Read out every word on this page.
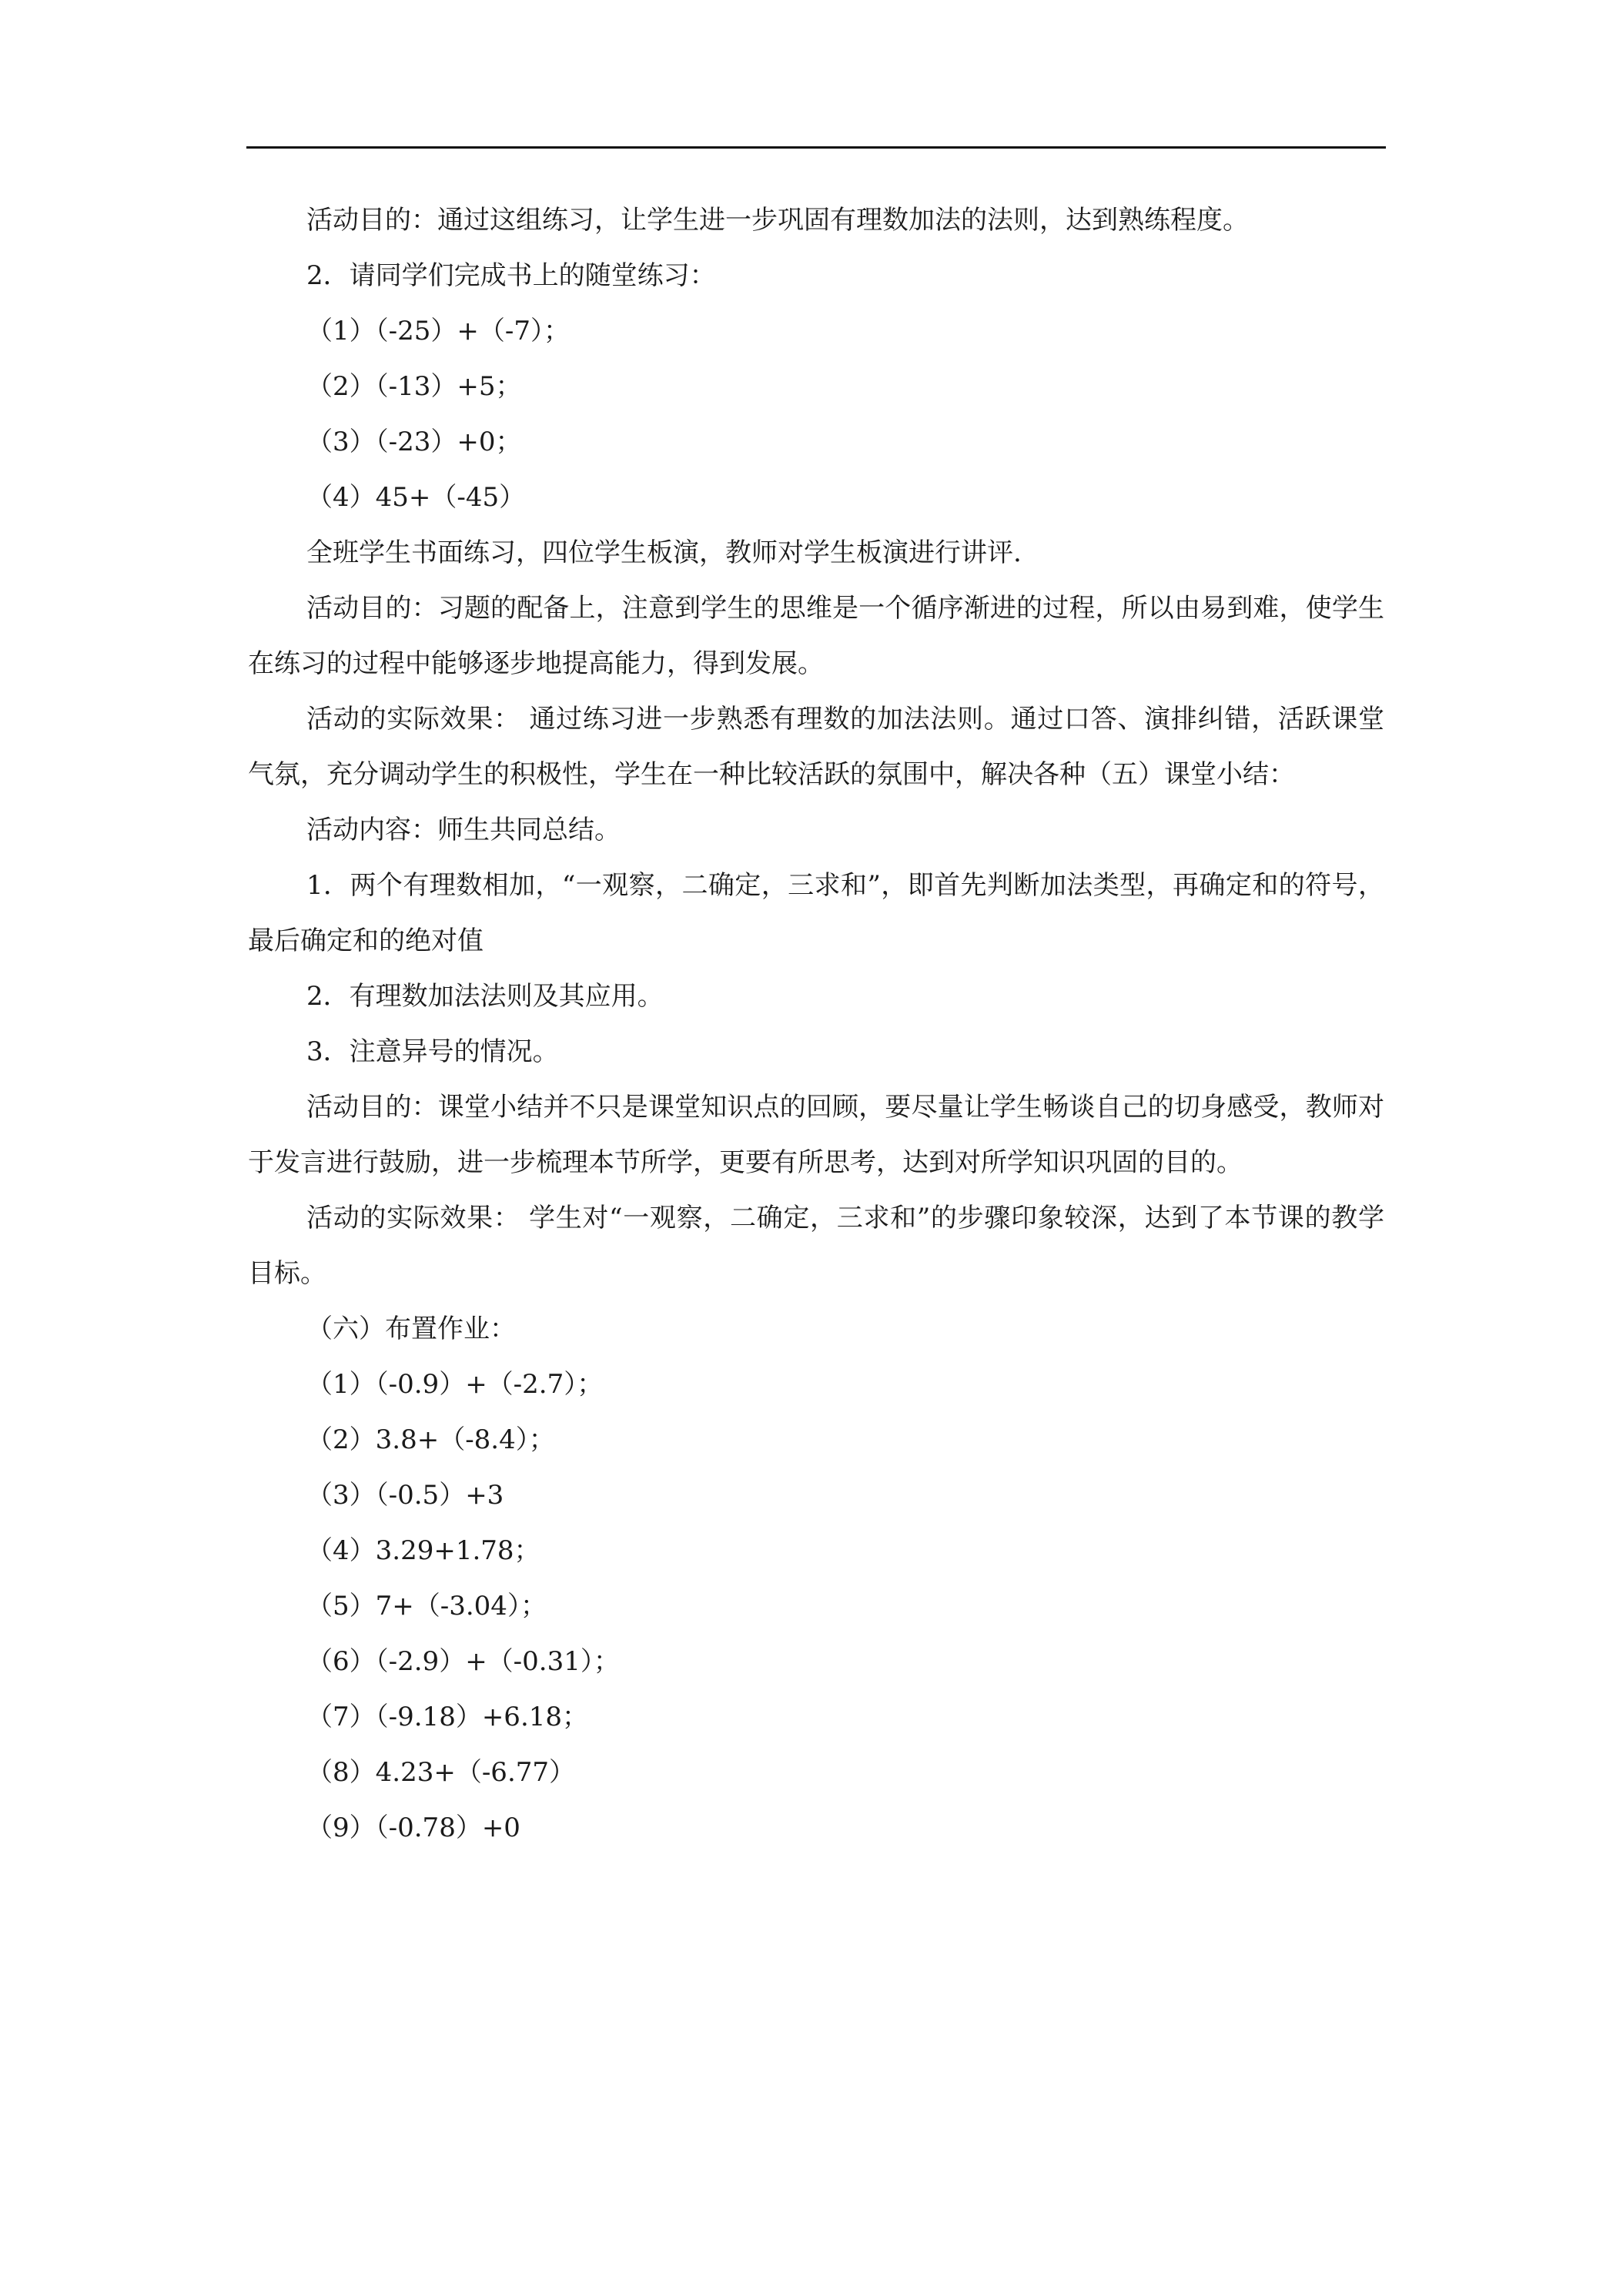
活动目的：通过这组练习，让学生进一步巩固有理数加法的法则，达到熟练程度。

2．请同学们完成书上的随堂练习：

（1）（-25）+（-7）；

（2）（-13）+5；

（3）（-23）+0；

（4）45+（-45）

全班学生书面练习，四位学生板演，教师对学生板演进行讲评.

活动目的：习题的配备上，注意到学生的思维是一个循序渐进的过程，所以由易到难，使学生在练习的过程中能够逐步地提高能力，得到发展。

活动的实际效果： 通过练习进一步熟悉有理数的加法法则。通过口答、演排纠错，活跃课堂气氛，充分调动学生的积极性，学生在一种比较活跃的氛围中，解决各种（五）课堂小结：

活动内容：师生共同总结。

1．两个有理数相加，“一观察，二确定，三求和”，即首先判断加法类型，再确定和的符号，最后确定和的绝对值

2．有理数加法法则及其应用。

3．注意异号的情况。

活动目的：课堂小结并不只是课堂知识点的回顾，要尽量让学生畅谈自己的切身感受，教师对于发言进行鼓励，进一步梳理本节所学，更要有所思考，达到对所学知识巩固的目的。

活动的实际效果： 学生对“一观察，二确定，三求和”的步骤印象较深，达到了本节课的教学目标。

（六）布置作业：

（1）（-0.9）+（-2.7）；

（2）3.8+（-8.4）；

（3）（-0.5）+3

（4）3.29+1.78；

（5）7+（-3.04）；

（6）（-2.9）+（-0.31）；

（7）（-9.18）+6.18；

（8）4.23+（-6.77）

（9）（-0.78）+0
